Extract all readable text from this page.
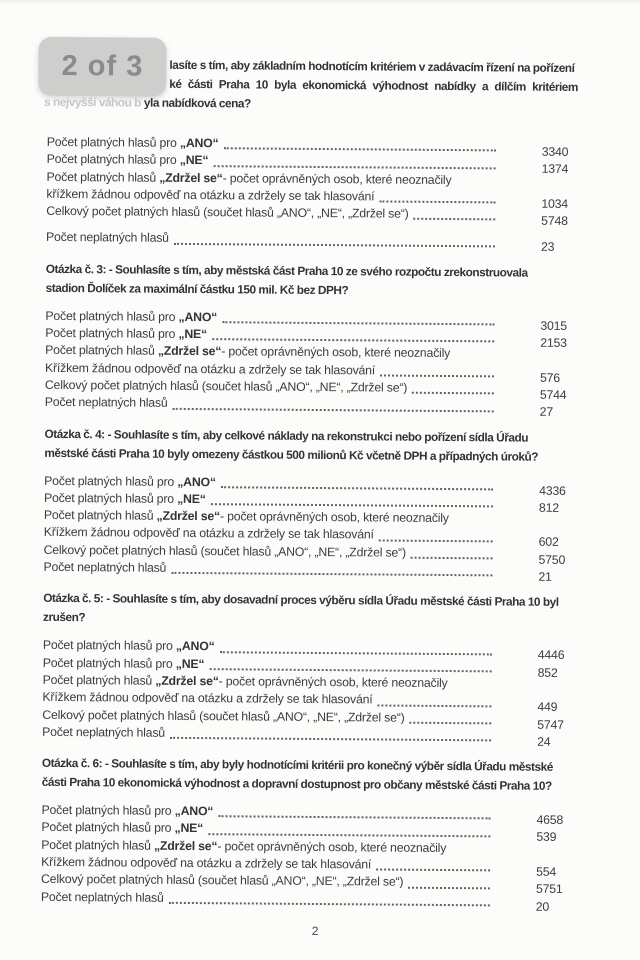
2 of 3 lasíte s tím, aby základním hodnotícím kritériem v zadávacím řízení na pořízení
ké části Praha 10 byla ekonomická výhodnost nabídky a dílčím kritériem
s nejvyšší váhou b yla nabídková cena?
Počet platných hlasů pro „ANO“
3340
Počet platných hlasů pro „NE“
1374
Počet platných hlasů „Zdržel se“- počet oprávněných osob, které neoznačily
křížkem žádnou odpověď na otázku a zdržely se tak hlasování
1034
Celkový počet platných hlasů (součet hlasů „ANO“, „NE“, „Zdržel se“)
5748
Počet neplatných hlasů
23
Otázka č. 3: - Souhlasíte s tím, aby městská část Praha 10 ze svého rozpočtu zrekonstruovala
stadion Ďolíček za maximální částku 150 mil. Kč bez DPH?
Počet platných hlasů pro „ANO“
3015
Počet platných hlasů pro „NE“
2153
Počet platných hlasů „Zdržel se“- počet oprávněných osob, které neoznačily
Křížkem žádnou odpověď na otázku a zdržely se tak hlasování
576
Celkový počet platných hlasů (součet hlasů „ANO“, „NE“, „Zdržel se“)
5744
Počet neplatných hlasů
27
Otázka č. 4: - Souhlasíte s tím, aby celkové náklady na rekonstrukci nebo pořízení sídla Úřadu
městské části Praha 10 byly omezeny částkou 500 milionů Kč včetně DPH a případných úroků?
Počet platných hlasů pro „ANO“
4336
Počet platných hlasů pro „NE“
812
Počet platných hlasů „Zdržel se“- počet oprávněných osob, které neoznačily
Křížkem žádnou odpověď na otázku a zdržely se tak hlasování
602
Celkový počet platných hlasů (součet hlasů „ANO“, „NE“, „Zdržel se“)
5750
Počet neplatných hlasů
21
Otázka č. 5: - Souhlasíte s tím, aby dosavadní proces výběru sídla Úřadu městské části Praha 10 byl
zrušen?
Počet platných hlasů pro „ANO“
4446
Počet platných hlasů pro „NE“
852
Počet platných hlasů „Zdržel se“- počet oprávněných osob, které neoznačily
Křížkem žádnou odpověď na otázku a zdržely se tak hlasování
449
Celkový počet platných hlasů (součet hlasů „ANO“, „NE“, „Zdržel se“)
5747
Počet neplatných hlasů
24
Otázka č. 6: - Souhlasíte s tím, aby byly hodnotícími kritérii pro konečný výběr sídla Úřadu městské
části Praha 10 ekonomická výhodnost a dopravní dostupnost pro občany městské části Praha 10?
Počet platných hlasů pro „ANO“
4658
Počet platných hlasů pro „NE“
539
Počet platných hlasů „Zdržel se“- počet oprávněných osob, které neoznačily
Křížkem žádnou odpověď na otázku a zdržely se tak hlasování
554
Celkový počet platných hlasů (součet hlasů „ANO“, „NE“, „Zdržel se“)
5751
Počet neplatných hlasů
20
2
